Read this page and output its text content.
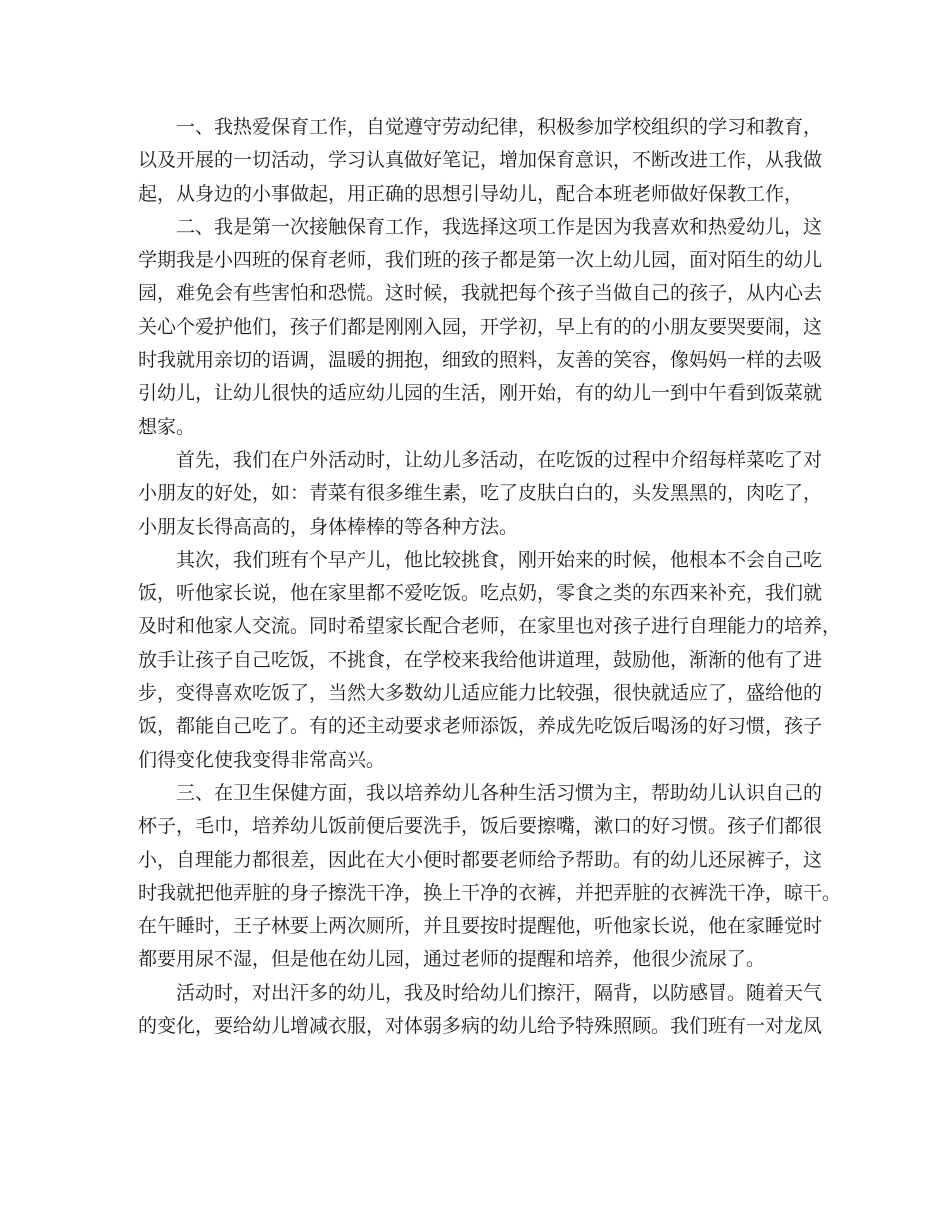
一、我热爱保育工作，自觉遵守劳动纪律，积极参加学校组织的学习和教育，
以及开展的一切活动，学习认真做好笔记，增加保育意识，不断改进工作，从我做
起，从身边的小事做起，用正确的思想引导幼儿，配合本班老师做好保教工作，
二、我是第一次接触保育工作，我选择这项工作是因为我喜欢和热爱幼儿，这
学期我是小四班的保育老师，我们班的孩子都是第一次上幼儿园，面对陌生的幼儿
园，难免会有些害怕和恐慌。这时候，我就把每个孩子当做自己的孩子，从内心去
关心个爱护他们，孩子们都是刚刚入园，开学初，早上有的的小朋友要哭要闹，这
时我就用亲切的语调，温暖的拥抱，细致的照料，友善的笑容，像妈妈一样的去吸
引幼儿，让幼儿很快的适应幼儿园的生活，刚开始，有的幼儿一到中午看到饭菜就
想家。
首先，我们在户外活动时，让幼儿多活动，在吃饭的过程中介绍每样菜吃了对
小朋友的好处，如：青菜有很多维生素，吃了皮肤白白的，头发黑黑的，肉吃了，
小朋友长得高高的，身体棒棒的等各种方法。
其次，我们班有个早产儿，他比较挑食，刚开始来的时候，他根本不会自己吃
饭，听他家长说，他在家里都不爱吃饭。吃点奶，零食之类的东西来补充，我们就
及时和他家人交流。同时希望家长配合老师，在家里也对孩子进行自理能力的培养，
放手让孩子自己吃饭，不挑食，在学校来我给他讲道理，鼓励他，渐渐的他有了进
步，变得喜欢吃饭了，当然大多数幼儿适应能力比较强，很快就适应了，盛给他的
饭，都能自己吃了。有的还主动要求老师添饭，养成先吃饭后喝汤的好习惯，孩子
们得变化使我变得非常高兴。
三、在卫生保健方面，我以培养幼儿各种生活习惯为主，帮助幼儿认识自己的
杯子，毛巾，培养幼儿饭前便后要洗手，饭后要擦嘴，漱口的好习惯。孩子们都很
小，自理能力都很差，因此在大小便时都要老师给予帮助。有的幼儿还尿裤子，这
时我就把他弄脏的身子擦洗干净，换上干净的衣裤，并把弄脏的衣裤洗干净，晾干。
在午睡时，王子林要上两次厕所，并且要按时提醒他，听他家长说，他在家睡觉时
都要用尿不湿，但是他在幼儿园，通过老师的提醒和培养，他很少流尿了。
活动时，对出汗多的幼儿，我及时给幼儿们擦汗，隔背，以防感冒。随着天气
的变化，要给幼儿增减衣服，对体弱多病的幼儿给予特殊照顾。我们班有一对龙凤
